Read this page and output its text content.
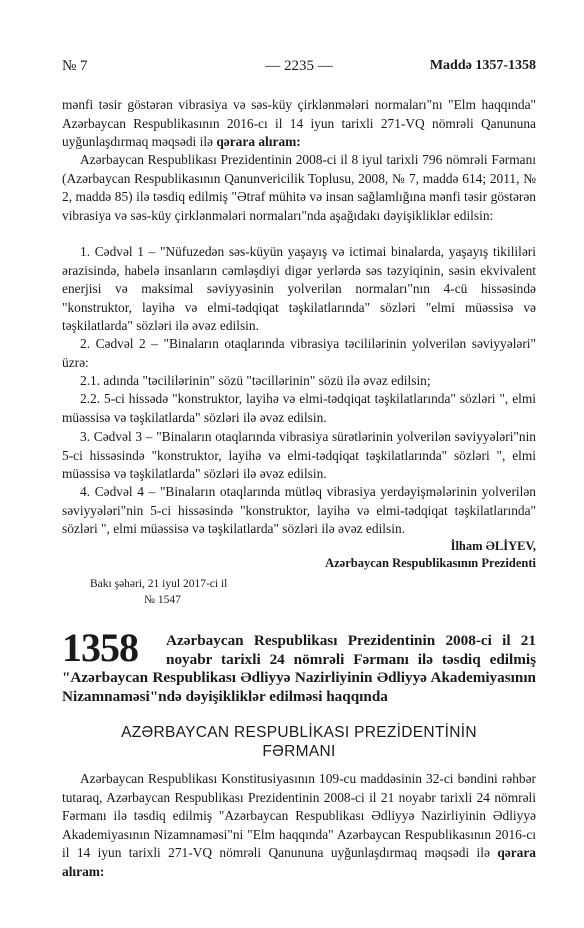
№ 7	— 2235 —	Maddə 1357-1358

mənfi təsir göstərən vibrasiya və səs-küy çirklənmələri normaları"nı "Elm haqqında" Azərbaycan Respublikasının 2016-cı il 14 iyun tarixli 271-VQ nömrəli Qanununa uyğunlaşdırmaq məqsədi ilə qərara alıram:

Azərbaycan Respublikası Prezidentinin 2008-ci il 8 iyul tarixli 796 nömrəli Fərmanı (Azərbaycan Respublikasının Qanunvericilik Toplusu, 2008, № 7, maddə 614; 2011, № 2, maddə 85) ilə təsdiq edilmiş "Ətraf mühitə və insan sağlamlığına mənfi təsir göstərən vibrasiya və səs-küy çirklənmələri normaları"nda aşağıdakı dəyişikliklər edilsin:

1. Cədvəl 1 – "Nüfuzedən səs-küyün yaşayış və ictimai binalarda, yaşayış tikililəri ərazisində, habelə insanların cəmləşdiyi digər yerlərdə səs təzyiqinin, səsin ekvivalent enerjisi və maksimal səviyyəsinin yolverilən normaları"nın 4-cü hissəsində "konstruktor, layihə və elmi-tədqiqat təşkilatlarında" sözləri "elmi müəssisə və təşkilatlarda" sözləri ilə əvəz edilsin.

2. Cədvəl 2 – "Binaların otaqlarında vibrasiya təcililərinin yolverilən səviyyələri" üzrə:

2.1. adında "təcililərinin" sözü "təcillərinin" sözü ilə əvəz edilsin;

2.2. 5-ci hissədə "konstruktor, layihə və elmi-tədqiqat təşkilatlarında" sözləri ", elmi müəssisə və təşkilatlarda" sözləri ilə əvəz edilsin.

3. Cədvəl 3 – "Binaların otaqlarında vibrasiya sürətlərinin yolverilən səviyyələri"nin 5-ci hissəsində "konstruktor, layihə və elmi-tədqiqat təşkilatlarında" sözləri ", elmi müəssisə və təşkilatlarda" sözləri ilə əvəz edilsin.

4. Cədvəl 4 – "Binaların otaqlarında mütləq vibrasiya yerdəyişmələrinin yolverilən səviyyələri"nin 5-ci hissəsində "konstruktor, layihə və elmi-tədqiqat təşkilatlarında" sözləri ", elmi müəssisə və təşkilatlarda" sözləri ilə əvəz edilsin.

İlham ƏLİYEV,
Azərbaycan Respublikasının Prezidenti
Bakı şəhəri, 21 iyul 2017-ci il
№ 1547
1358	Azərbaycan Respublikası Prezidentinin 2008-ci il 21 noyabr tarixli 24 nömrəli Fərmanı ilə təsdiq edilmiş "Azərbaycan Respublikası Ədliyyə Nazirliyinin Ədliyyə Akademiyasının Nizamnaməsi"ndə dəyişikliklər edilməsi haqqında
AZƏRBAYCAN RESPUBLİKASI PREZİDENTİNİN
FƏRMANI

Azərbaycan Respublikası Konstitusiyasının 109-cu maddəsinin 32-ci bəndini rəhbər tutaraq, Azərbaycan Respublikası Prezidentinin 2008-ci il 21 noyabr tarixli 24 nömrəli Fərmanı ilə təsdiq edilmiş "Azərbaycan Respublikası Ədliyyə Nazirliyinin Ədliyyə Akademiyasının Nizamnaməsi"ni "Elm haqqında" Azərbaycan Respublikasının 2016-cı il 14 iyun tarixli 271-VQ nömrəli Qanununa uyğunlaşdırmaq məqsədi ilə qərara alıram:
